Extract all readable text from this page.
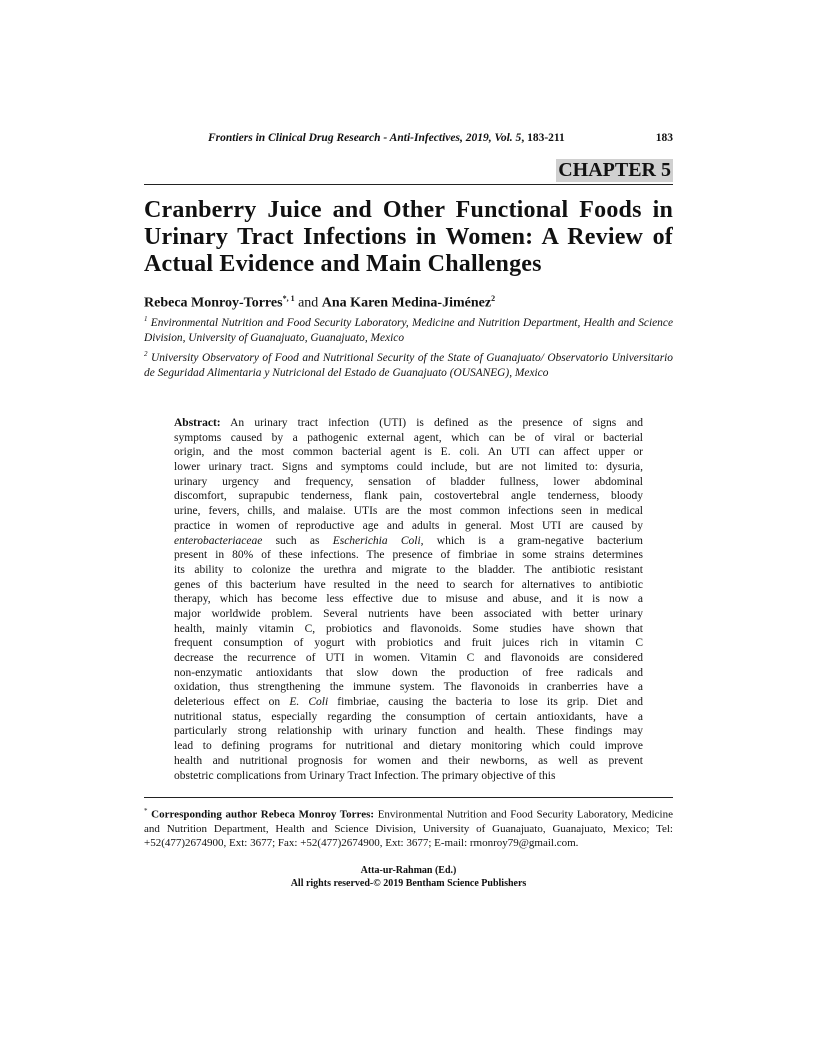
Frontiers in Clinical Drug Research - Anti-Infectives, 2019, Vol. 5, 183-211	183
CHAPTER 5
Cranberry Juice and Other Functional Foods in Urinary Tract Infections in Women: A Review of Actual Evidence and Main Challenges
Rebeca Monroy-Torres$^{*, 1}$ and Ana Karen Medina-Jiménez$^2$
$^1$ Environmental Nutrition and Food Security Laboratory, Medicine and Nutrition Department, Health and Science Division, University of Guanajuato, Guanajuato, Mexico
$^2$ University Observatory of Food and Nutritional Security of the State of Guanajuato/ Observatorio Universitario de Seguridad Alimentaria y Nutricional del Estado de Guanajuato (OUSANEG), Mexico
Abstract: An urinary tract infection (UTI) is defined as the presence of signs and
symptoms caused by a pathogenic external agent, which can be of viral or bacterial
origin, and the most common bacterial agent is E. coli. An UTI can affect upper or
lower urinary tract. Signs and symptoms could include, but are not limited to: dysuria,
urinary urgency and frequency, sensation of bladder fullness, lower abdominal
discomfort, suprapubic tenderness, flank pain, costovertebral angle tenderness, bloody
urine, fevers, chills, and malaise. UTIs are the most common infections seen in medical
practice in women of reproductive age and adults in general. Most UTI are caused by
enterobacteriaceae such as Escherichia Coli, which is a gram-negative bacterium
present in 80% of these infections. The presence of fimbriae in some strains determines
its ability to colonize the urethra and migrate to the bladder. The antibiotic resistant
genes of this bacterium have resulted in the need to search for alternatives to antibiotic
therapy, which has become less effective due to misuse and abuse, and it is now a
major worldwide problem. Several nutrients have been associated with better urinary
health, mainly vitamin C, probiotics and flavonoids. Some studies have shown that
frequent consumption of yogurt with probiotics and fruit juices rich in vitamin C
decrease the recurrence of UTI in women. Vitamin C and flavonoids are considered
non-enzymatic antioxidants that slow down the production of free radicals and
oxidation, thus strengthening the immune system. The flavonoids in cranberries have a
deleterious effect on E. Coli fimbriae, causing the bacteria to lose its grip. Diet and
nutritional status, especially regarding the consumption of certain antioxidants, have a
particularly strong relationship with urinary function and health. These findings may
lead to defining programs for nutritional and dietary monitoring which could improve
health and nutritional prognosis for women and their newborns, as well as prevent
obstetric complications from Urinary Tract Infection. The primary objective of this
* Corresponding author Rebeca Monroy Torres: Environmental Nutrition and Food Security Laboratory, Medicine and Nutrition Department, Health and Science Division, University of Guanajuato, Guanajuato, Mexico; Tel: +52(477)2674900, Ext: 3677; Fax: +52(477)2674900, Ext: 3677; E-mail: rmonroy79@gmail.com.
Atta-ur-Rahman (Ed.)
All rights reserved-© 2019 Bentham Science Publishers
